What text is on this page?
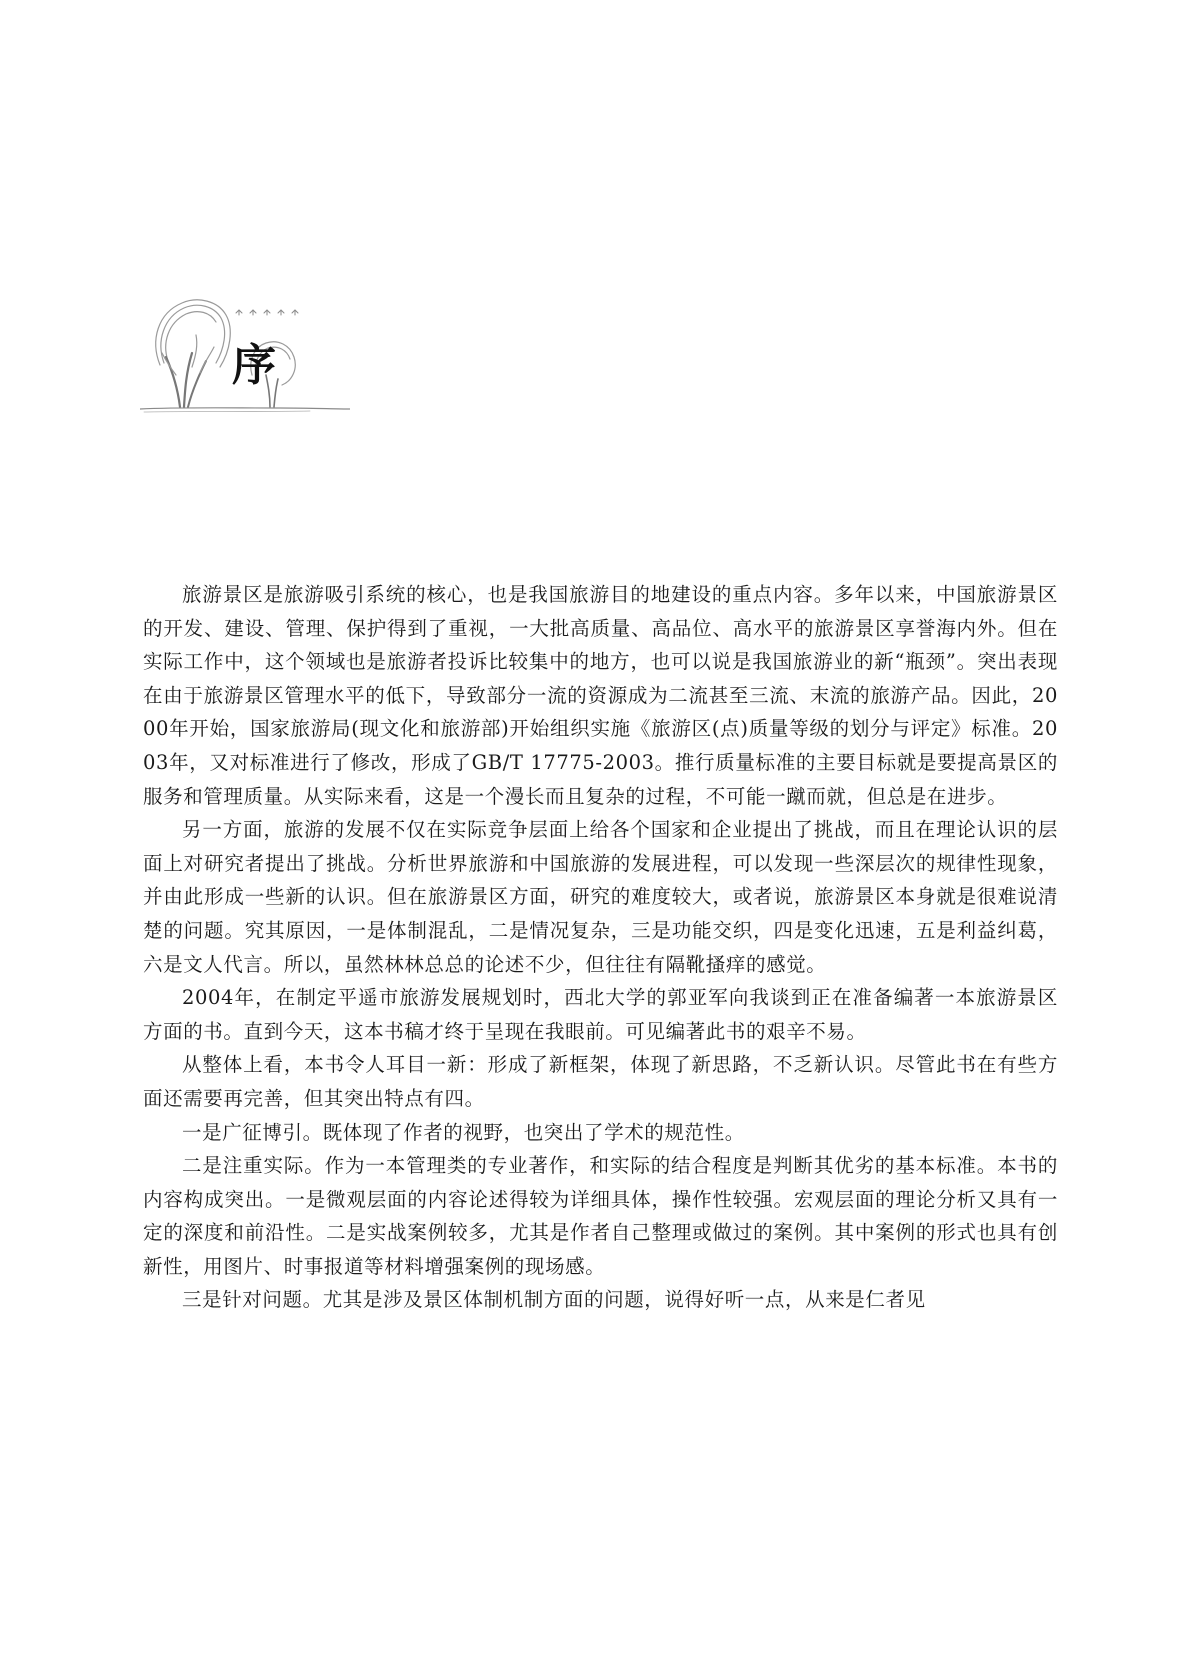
序

旅游景区是旅游吸引系统的核心，也是我国旅游目的地建设的重点内容。多年以来，中国旅游景区的开发、建设、管理、保护得到了重视，一大批高质量、高品位、高水平的旅游景区享誉海内外。但在实际工作中，这个领域也是旅游者投诉比较集中的地方，也可以说是我国旅游业的新“瓶颈”。突出表现在由于旅游景区管理水平的低下，导致部分一流的资源成为二流甚至三流、末流的旅游产品。因此，2000年开始，国家旅游局(现文化和旅游部)开始组织实施《旅游区(点)质量等级的划分与评定》标准。2003年，又对标准进行了修改，形成了GB/T 17775-2003。推行质量标准的主要目标就是要提高景区的服务和管理质量。从实际来看，这是一个漫长而且复杂的过程，不可能一蹴而就，但总是在进步。

另一方面，旅游的发展不仅在实际竞争层面上给各个国家和企业提出了挑战，而且在理论认识的层面上对研究者提出了挑战。分析世界旅游和中国旅游的发展进程，可以发现一些深层次的规律性现象，并由此形成一些新的认识。但在旅游景区方面，研究的难度较大，或者说，旅游景区本身就是很难说清楚的问题。究其原因，一是体制混乱，二是情况复杂，三是功能交织，四是变化迅速，五是利益纠葛，六是文人代言。所以，虽然林林总总的论述不少，但往往有隔靴搔痒的感觉。

2004年，在制定平遥市旅游发展规划时，西北大学的郭亚军向我谈到正在准备编著一本旅游景区方面的书。直到今天，这本书稿才终于呈现在我眼前。可见编著此书的艰辛不易。

从整体上看，本书令人耳目一新：形成了新框架，体现了新思路，不乏新认识。尽管此书在有些方面还需要再完善，但其突出特点有四。

一是广征博引。既体现了作者的视野，也突出了学术的规范性。

二是注重实际。作为一本管理类的专业著作，和实际的结合程度是判断其优劣的基本标准。本书的内容构成突出。一是微观层面的内容论述得较为详细具体，操作性较强。宏观层面的理论分析又具有一定的深度和前沿性。二是实战案例较多，尤其是作者自己整理或做过的案例。其中案例的形式也具有创新性，用图片、时事报道等材料增强案例的现场感。

三是针对问题。尤其是涉及景区体制机制方面的问题，说得好听一点，从来是仁者见
